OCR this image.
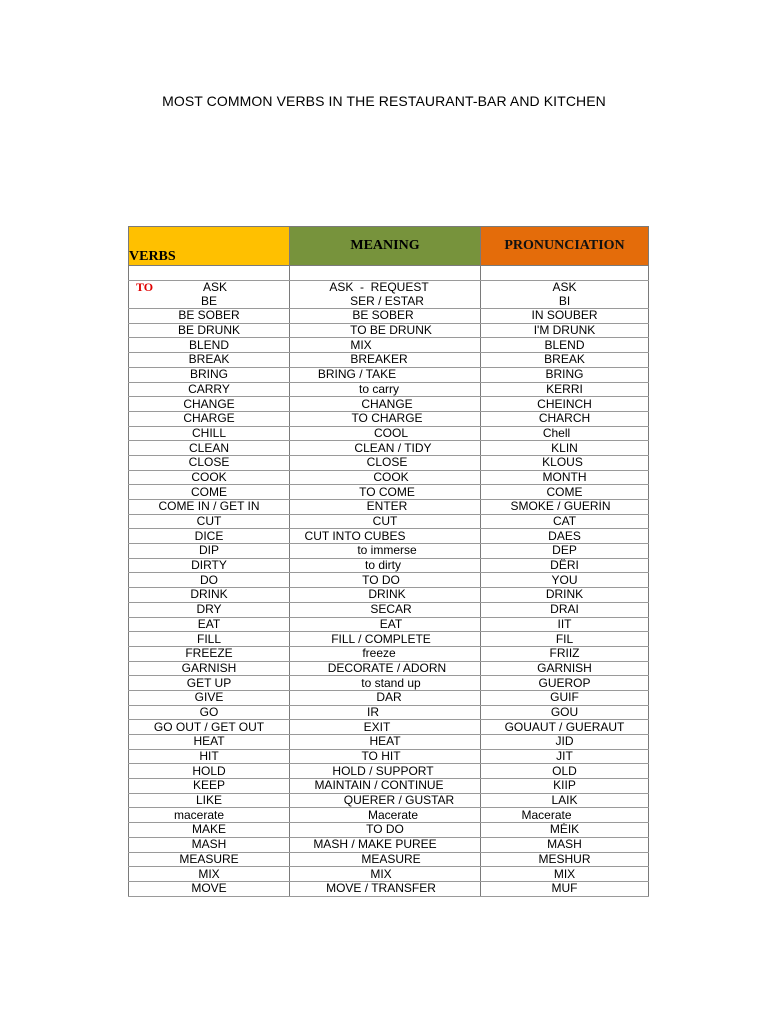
MOST COMMON VERBS IN THE RESTAURANT-BAR AND KITCHEN
VERBS	MEANING	PRONUNCIATION

TO ASK	ASK  -  REQUEST	ASK

BE	SER / ESTAR	BI

BE SOBER	BE SOBER	IN SOUBER

BE DRUNK	TO BE DRUNK	I'M DRUNK

BLEND	MIX	BLEND

BREAK	BREAKER	BREAK

BRING	BRING / TAKE	BRING

CARRY	to carry	KERRI

CHANGE	CHANGE	CHEINCH

CHARGE	TO CHARGE	CHARCH

CHILL	COOL	Chell

CLEAN	CLEAN / TIDY	KLIN

CLOSE	CLOSE	KLOUS

COOK	COOK	MONTH

COME	TO COME	COME

COME IN / GET IN	ENTER	SMOKE / GUERİN

CUT	CUT	CAT

DICE	CUT INTO CUBES	DAES

DIP	to immerse	DEP

DIRTY	to dirty	DËRI

DO	TO DO	YOU

DRINK	DRINK	DRINK

DRY	SECAR	DRAI

EAT	EAT	IIT

FILL	FILL / COMPLETE	FIL

FREEZE	freeze	FRIIZ

GARNISH	DECORATE / ADORN	GARNISH

GET UP	to stand up	GUEROP

GIVE	DAR	GUIF

GO	IR	GOU

GO OUT / GET OUT	EXIT	GOUAUT / GUERAUT

HEAT	HEAT	JID

HIT	TO HIT	JIT

HOLD	HOLD / SUPPORT	OLD

KEEP	MAINTAIN / CONTINUE	KIIP

LIKE	QUERER / GUSTAR	LAIK

macerate	Macerate	Macerate

MAKE	TO DO	MÉIK

MASH	MASH / MAKE PUREE	MASH

MEASURE	MEASURE	MESHUR

MIX	MIX	MIX

MOVE	MOVE / TRANSFER	MUF
